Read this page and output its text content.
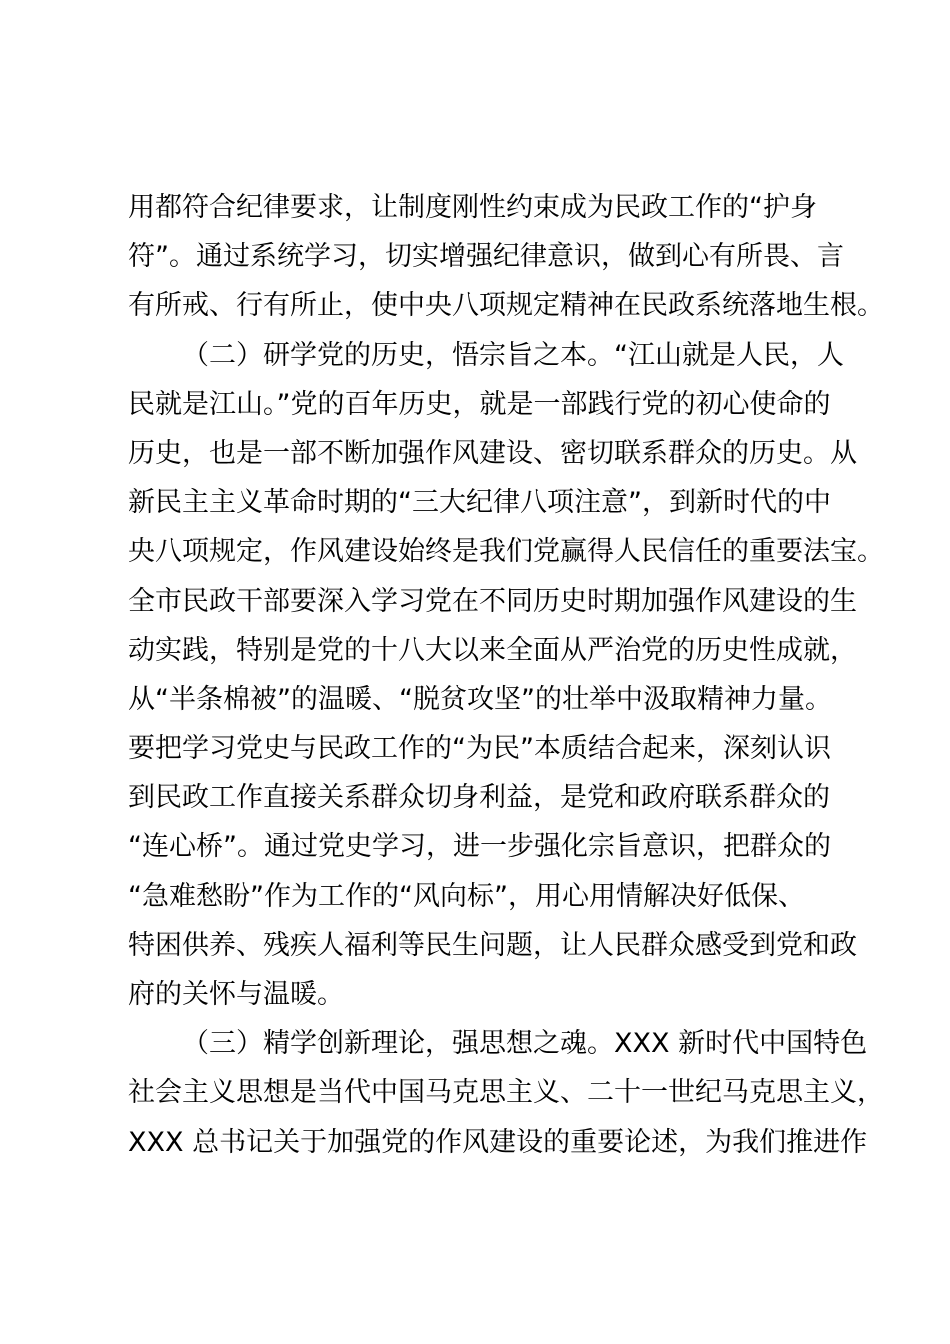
用都符合纪律要求，让制度刚性约束成为民政工作的“护身
符”。通过系统学习，切实增强纪律意识，做到心有所畏、言
有所戒、行有所止，使中央八项规定精神在民政系统落地生根。
（二）研学党的历史，悟宗旨之本。“江山就是人民，人
民就是江山。”党的百年历史，就是一部践行党的初心使命的
历史，也是一部不断加强作风建设、密切联系群众的历史。从
新民主主义革命时期的“三大纪律八项注意”，到新时代的中
央八项规定，作风建设始终是我们党赢得人民信任的重要法宝。
全市民政干部要深入学习党在不同历史时期加强作风建设的生
动实践，特别是党的十八大以来全面从严治党的历史性成就，
从“半条棉被”的温暖、“脱贫攻坚”的壮举中汲取精神力量。
要把学习党史与民政工作的“为民”本质结合起来，深刻认识
到民政工作直接关系群众切身利益，是党和政府联系群众的
“连心桥”。通过党史学习，进一步强化宗旨意识，把群众的
“急难愁盼”作为工作的“风向标”，用心用情解决好低保、
特困供养、残疾人福利等民生问题，让人民群众感受到党和政
府的关怀与温暖。
（三）精学创新理论，强思想之魂。XXX 新时代中国特色
社会主义思想是当代中国马克思主义、二十一世纪马克思主义，
XXX 总书记关于加强党的作风建设的重要论述，为我们推进作
